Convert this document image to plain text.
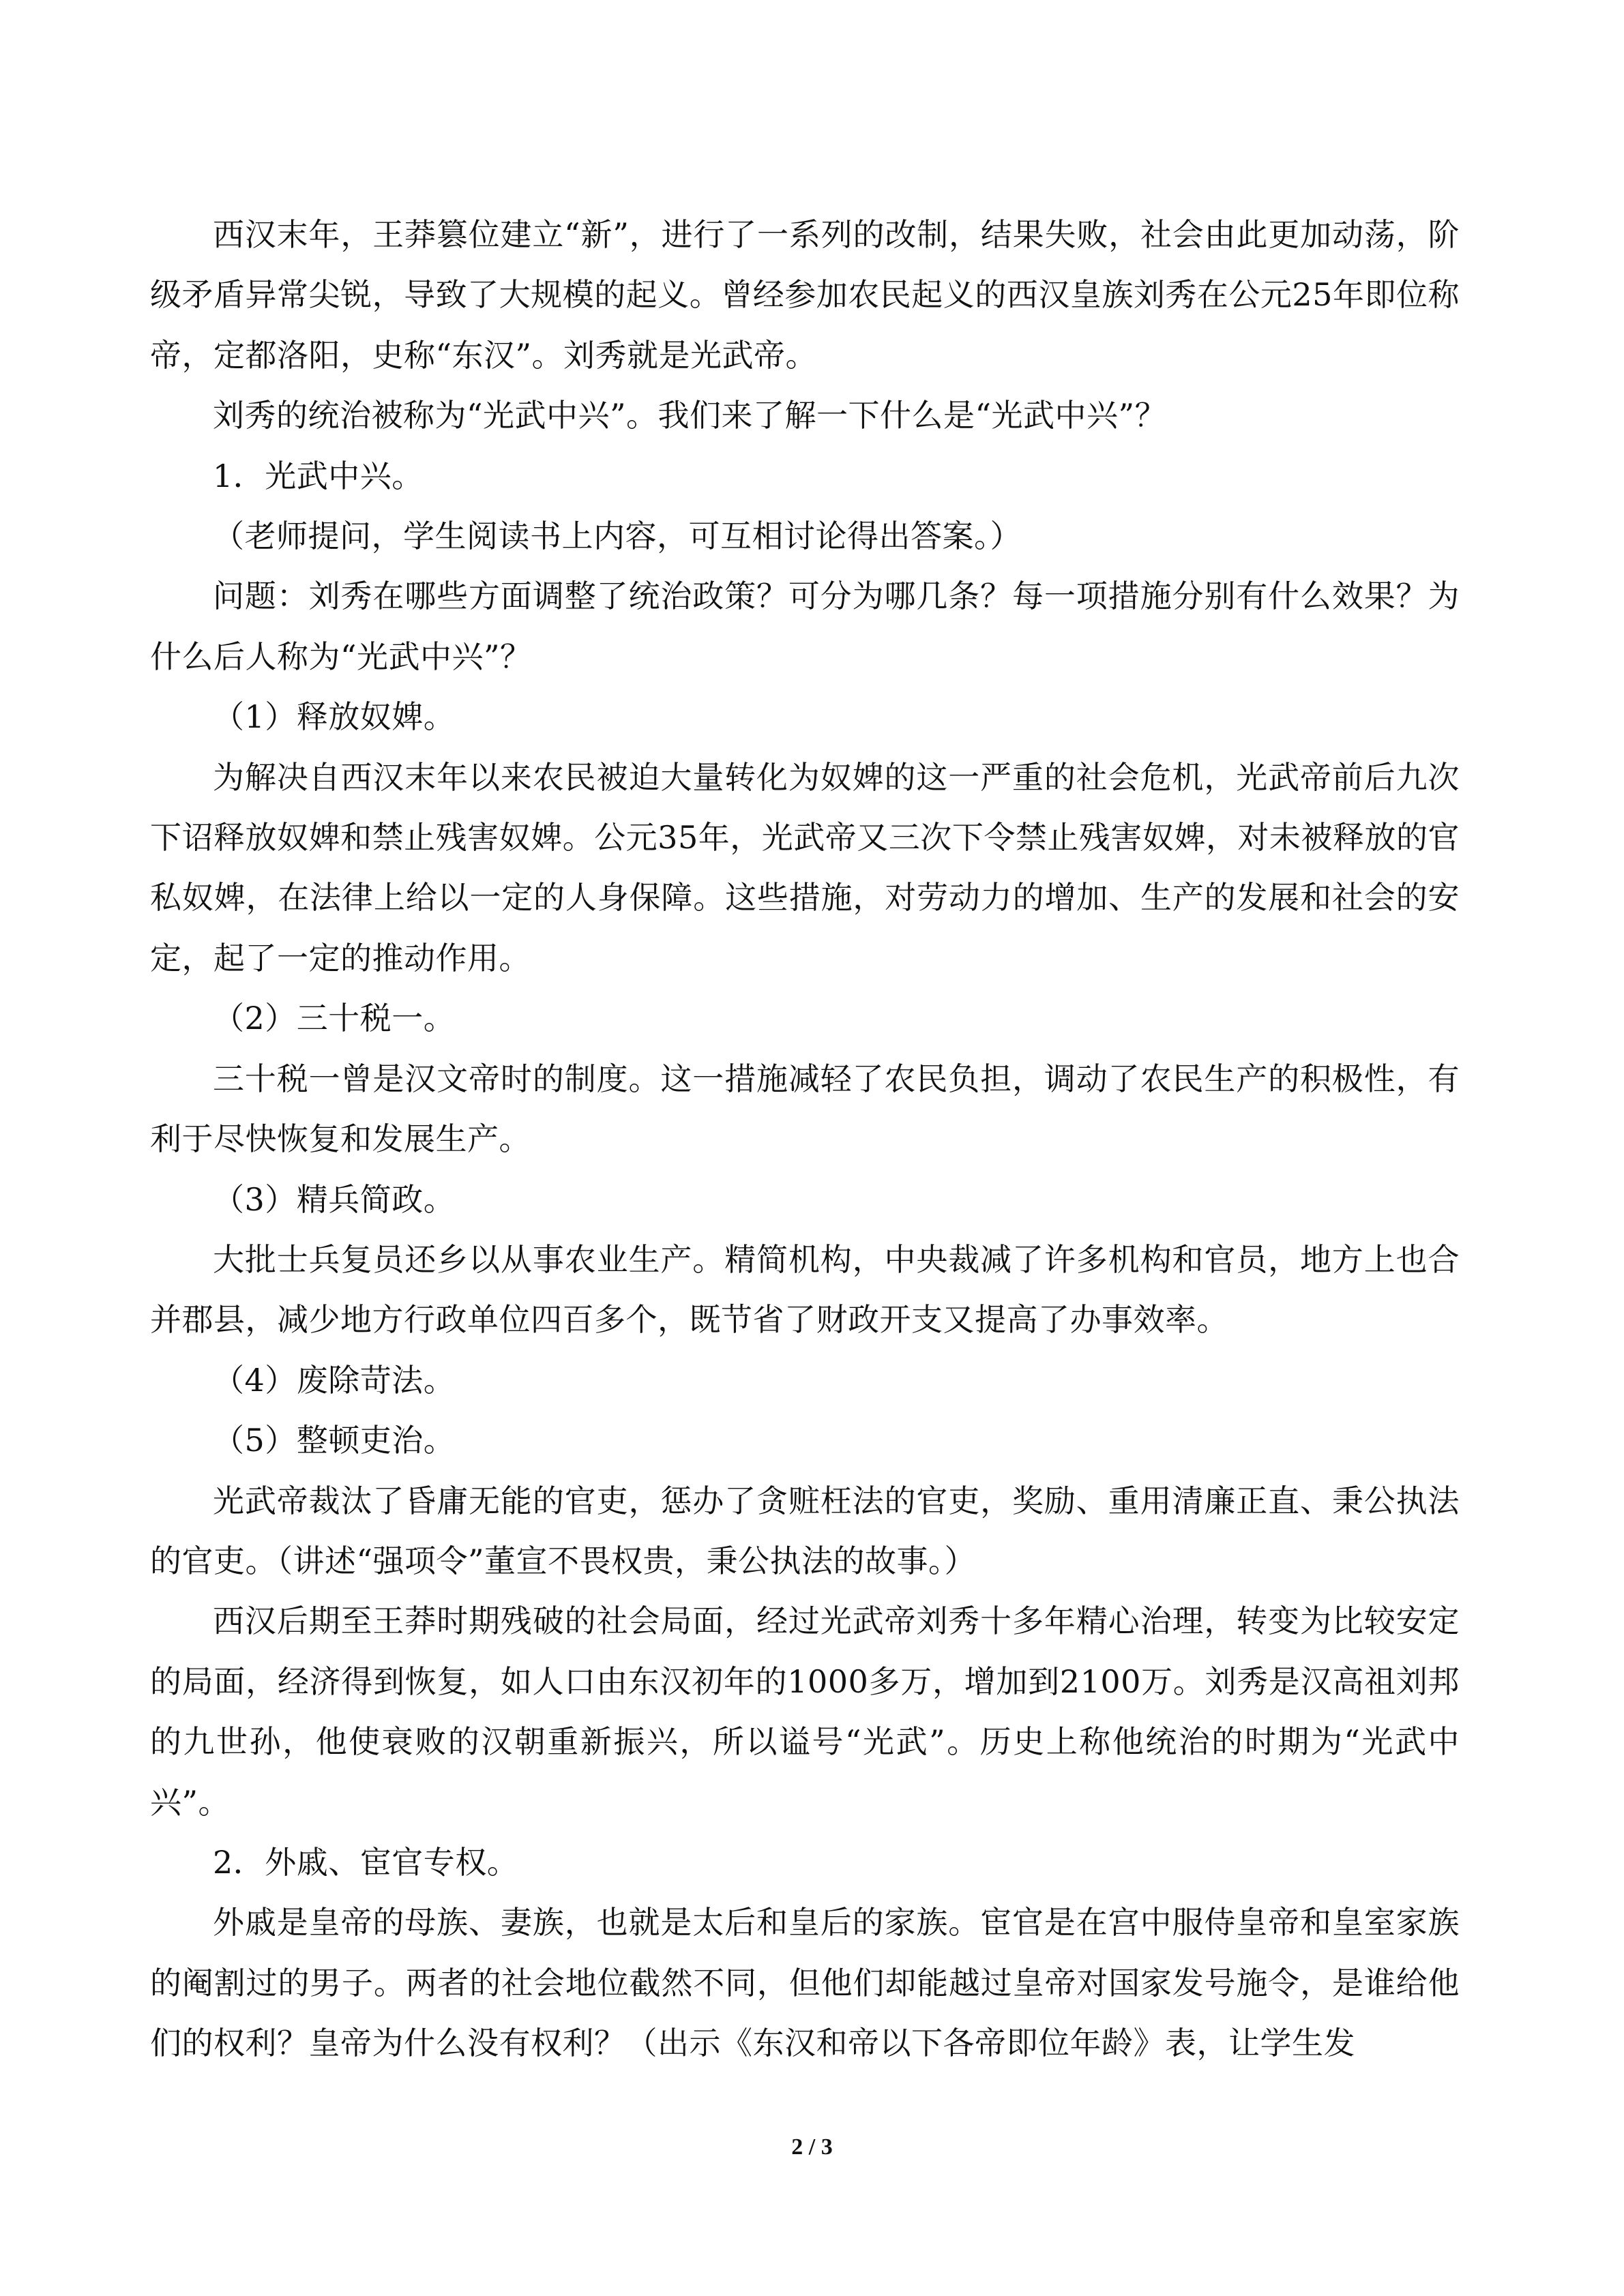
西汉末年，王莽篡位建立“新”，进行了一系列的改制，结果失败，社会由此更加动荡，阶级矛盾异常尖锐，导致了大规模的起义。曾经参加农民起义的西汉皇族刘秀在公元25年即位称帝，定都洛阳，史称“东汉”。刘秀就是光武帝。

刘秀的统治被称为“光武中兴”。我们来了解一下什么是“光武中兴”？

1．光武中兴。

（老师提问，学生阅读书上内容，可互相讨论得出答案。）

问题：刘秀在哪些方面调整了统治政策？可分为哪几条？每一项措施分别有什么效果？为什么后人称为“光武中兴”？

（1）释放奴婢。

为解决自西汉末年以来农民被迫大量转化为奴婢的这一严重的社会危机，光武帝前后九次下诏释放奴婢和禁止残害奴婢。公元35年，光武帝又三次下令禁止残害奴婢，对未被释放的官私奴婢，在法律上给以一定的人身保障。这些措施，对劳动力的增加、生产的发展和社会的安定，起了一定的推动作用。

（2）三十税一。

三十税一曾是汉文帝时的制度。这一措施减轻了农民负担，调动了农民生产的积极性，有利于尽快恢复和发展生产。

（3）精兵简政。

大批士兵复员还乡以从事农业生产。精简机构，中央裁减了许多机构和官员，地方上也合并郡县，减少地方行政单位四百多个，既节省了财政开支又提高了办事效率。

（4）废除苛法。

（5）整顿吏治。

光武帝裁汰了昏庸无能的官吏，惩办了贪赃枉法的官吏，奖励、重用清廉正直、秉公执法的官吏。（讲述“强项令”董宣不畏权贵，秉公执法的故事。）

西汉后期至王莽时期残破的社会局面，经过光武帝刘秀十多年精心治理，转变为比较安定的局面，经济得到恢复，如人口由东汉初年的1000多万，增加到2100万。刘秀是汉高祖刘邦的九世孙，他使衰败的汉朝重新振兴，所以谥号“光武”。历史上称他统治的时期为“光武中兴”。

2．外戚、宦官专权。

外戚是皇帝的母族、妻族，也就是太后和皇后的家族。宦官是在宫中服侍皇帝和皇室家族的阉割过的男子。两者的社会地位截然不同，但他们却能越过皇帝对国家发号施令，是谁给他们的权利？皇帝为什么没有权利？（出示《东汉和帝以下各帝即位年龄》表，让学生发

2 / 3
